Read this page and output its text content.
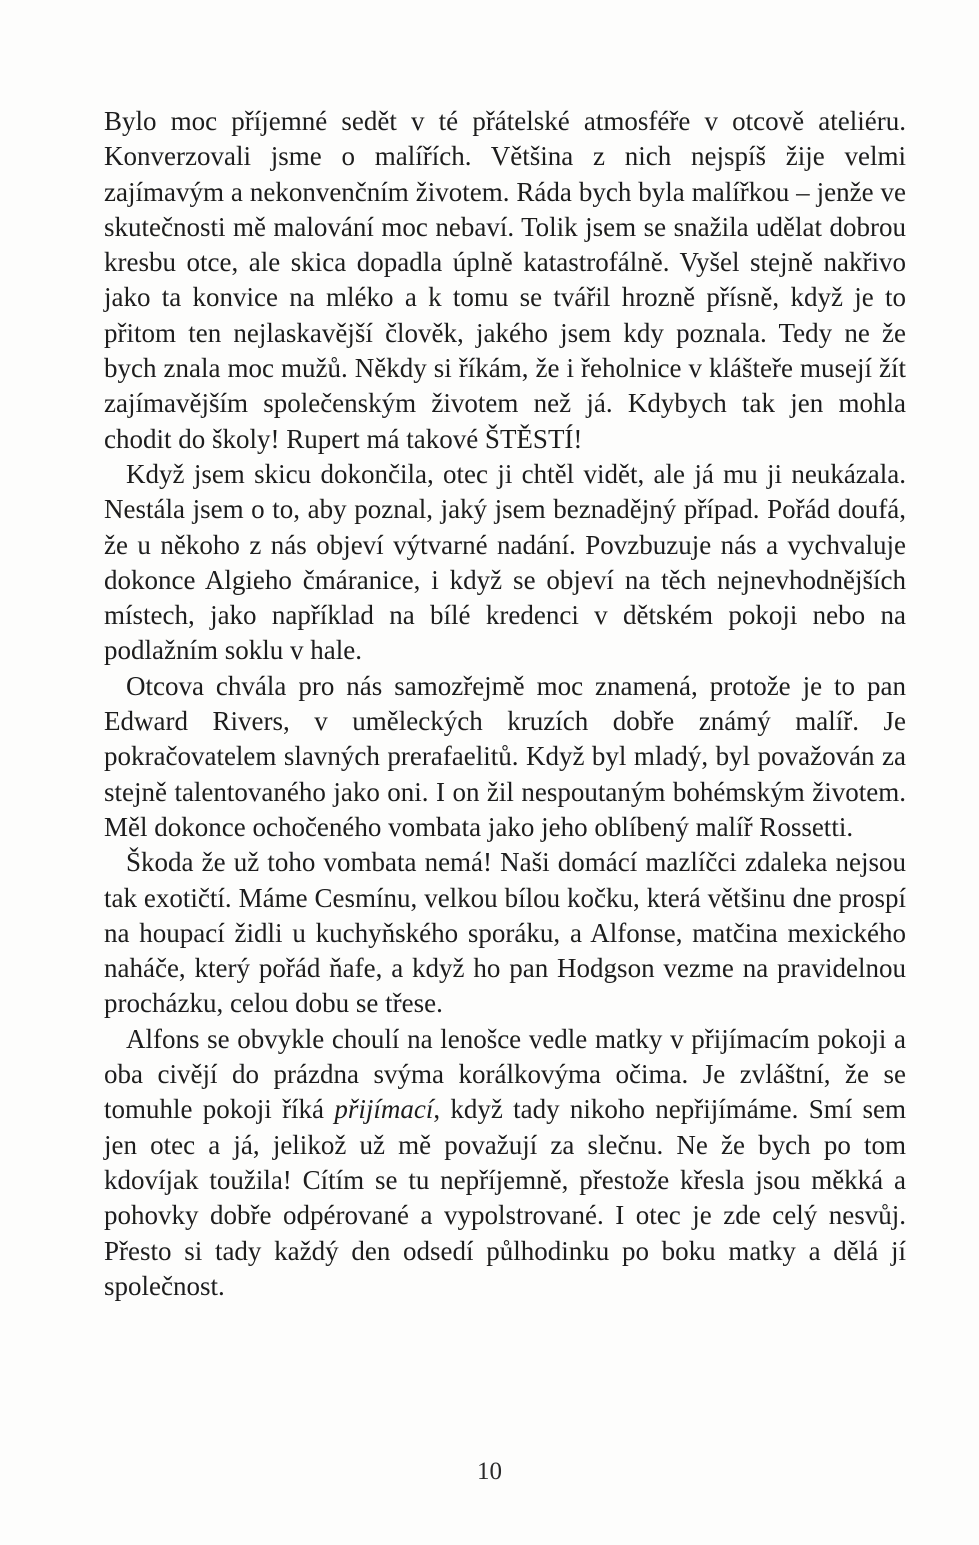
Bylo moc příjemné sedět v té přátelské atmosféře v otcově ateliéru. Konverzovali jsme o malířích. Většina z nich nejspíš žije velmi zajímavým a nekonvenčním životem. Ráda bych byla malířkou – jenže ve skutečnosti mě malování moc nebaví. Tolik jsem se snažila udělat dobrou kresbu otce, ale skica dopadla úplně katastrofálně. Vyšel stejně nakřivo jako ta konvice na mléko a k tomu se tvářil hrozně přísně, když je to přitom ten nejlaskavější člověk, jakého jsem kdy poznala. Tedy ne že bych znala moc mužů. Někdy si říkám, že i řeholnice v klášteře musejí žít zajímavějším společenským životem než já. Kdybych tak jen mohla chodit do školy! Rupert má takové ŠTĚSTÍ!

Když jsem skicu dokončila, otec ji chtěl vidět, ale já mu ji neukázala. Nestála jsem o to, aby poznal, jaký jsem beznadějný případ. Pořád doufá, že u někoho z nás objeví výtvarné nadání. Povzbuzuje nás a vychvaluje dokonce Algieho čmáranice, i když se objeví na těch nejnevhodnějších místech, jako například na bílé kredenci v dětském pokoji nebo na podlažním soklu v hale.

Otcova chvála pro nás samozřejmě moc znamená, protože je to pan Edward Rivers, v uměleckých kruzích dobře známý malíř. Je pokračovatelem slavných prerafaelitů. Když byl mladý, byl považován za stejně talentovaného jako oni. I on žil nespoutaným bohémským životem. Měl dokonce ochočeného vombata jako jeho oblíbený malíř Rossetti.

Škoda že už toho vombata nemá! Naši domácí mazlíčci zdaleka nejsou tak exotičtí. Máme Cesmínu, velkou bílou kočku, která většinu dne prospí na houpací židli u kuchyňského sporáku, a Alfonse, matčina mexického naháče, který pořád ňafe, a když ho pan Hodgson vezme na pravidelnou procházku, celou dobu se třese.

Alfons se obvykle choulí na lenošce vedle matky v přijímacím pokoji a oba civějí do prázdna svýma korálkovýma očima. Je zvláštní, že se tomuhle pokoji říká přijímací, když tady nikoho nepřijímáme. Smí sem jen otec a já, jelikož už mě považují za slečnu. Ne že bych po tom kdovíjak toužila! Cítím se tu nepříjemně, přestože křesla jsou měkká a pohovky dobře odpérované a vypolstrované. I otec je zde celý nesvůj. Přesto si tady každý den odsedí půlhodinku po boku matky a dělá jí společnost.

10
